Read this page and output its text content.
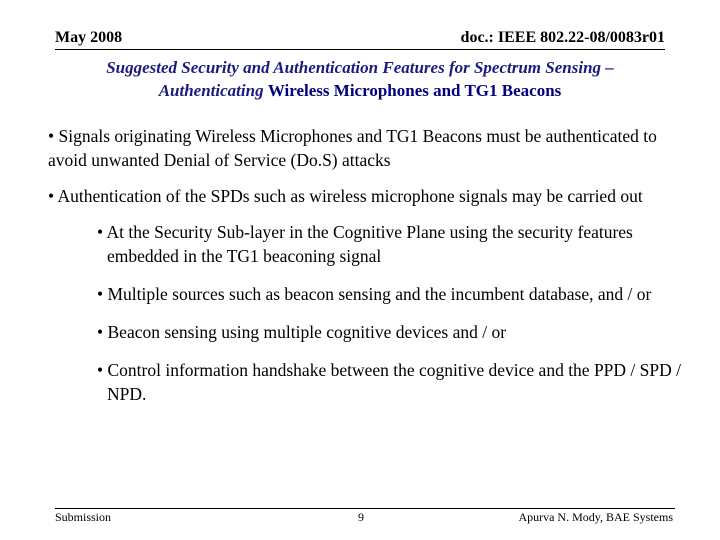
May 2008	doc.: IEEE 802.22-08/0083r01
Suggested Security and Authentication Features for Spectrum Sensing –
Authenticating Wireless Microphones and TG1 Beacons

• Signals originating Wireless Microphones and TG1 Beacons must be authenticated to avoid unwanted Denial of Service (Do.S) attacks

• Authentication of the SPDs such as wireless microphone signals may be carried out

• At the Security Sub-layer in the Cognitive Plane using the security features embedded in the TG1 beaconing signal

• Multiple sources such as beacon sensing and the incumbent database, and / or

• Beacon sensing using multiple cognitive devices and / or

• Control information handshake between the cognitive device and the PPD / SPD / NPD.

Submission	9	Apurva N. Mody, BAE Systems
